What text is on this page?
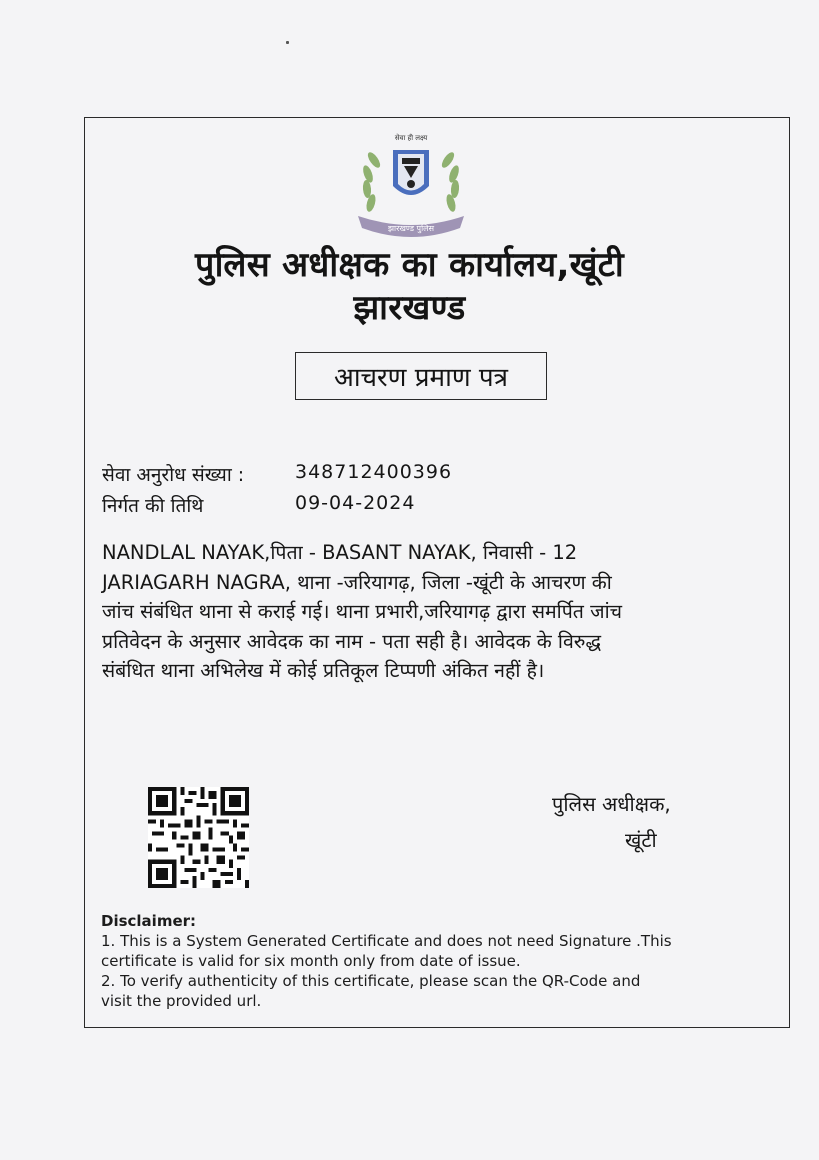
सेवा ही लक्ष्य
झारखण्ड पुलिस
पुलिस अधीक्षक का कार्यालय,खूंटी
झारखण्ड
आचरण प्रमाण पत्र
सेवा अनुरोध संख्या :	348712400396
निर्गत की तिथि	09-04-2024
NANDLAL NAYAK,पिता - BASANT NAYAK, निवासी - 12
JARIAGARH NAGRA, थाना -जरियागढ़, जिला -खूंटी के आचरण की
जांच संबंधित थाना से कराई गई। थाना प्रभारी,जरियागढ़ द्वारा समर्पित जांच
प्रतिवेदन के अनुसार आवेदक का नाम - पता सही है। आवेदक के विरुद्ध
संबंधित थाना अभिलेख में कोई प्रतिकूल टिप्पणी अंकित नहीं है।
पुलिस अधीक्षक,
खूंटी

Disclaimer:

1. This is a System Generated Certificate and does not need Signature .This

certificate is valid for six month only from date of issue.

2. To verify authenticity of this certificate, please scan the QR-Code and

visit the provided url.
